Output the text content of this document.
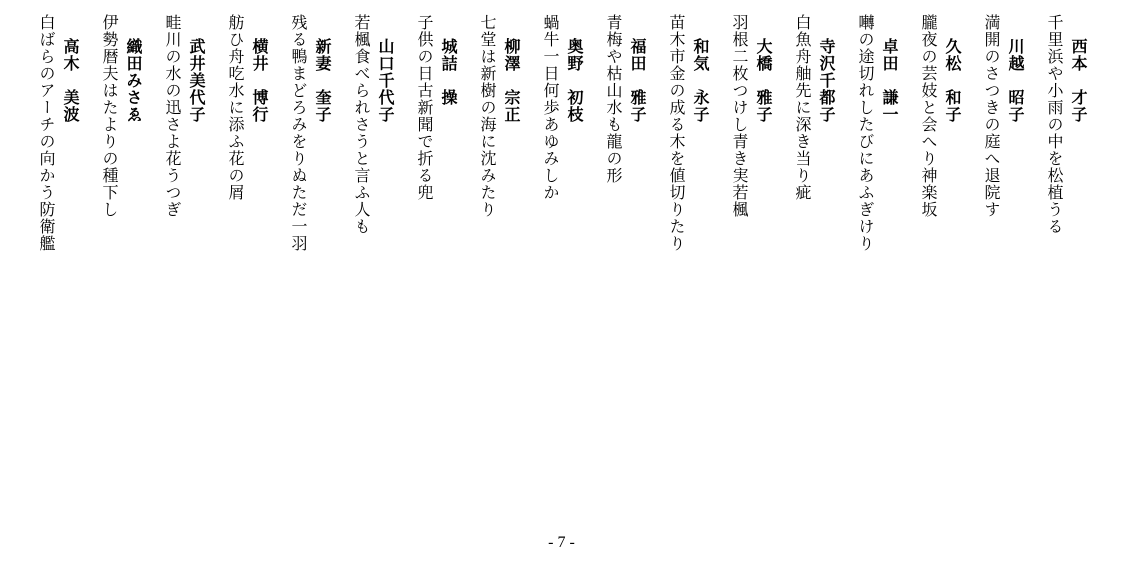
西本　才子
千里浜や小雨の中を松植うる
川越　昭子
満開のさつきの庭へ退院す
久松　和子
朧夜の芸妓と会へり神楽坂
卓田　謙一
囀の途切れしたびにあふぎけり
寺沢千都子
白魚舟舳先に深き当り疵
大橋　雅子
羽根二枚つけし青き実若楓
和気　永子
苗木市金の成る木を値切りたり
福田　雅子
青梅や枯山水も龍の形
奥野　初枝
蝸牛一日何歩あゆみしか
柳澤　宗正
七堂は新樹の海に沈みたり
城詰　操
子供の日古新聞で折る兜
山口千代子
若楓食べられさうと言ふ人も
新妻　奎子
残る鴨まどろみをりぬただ一羽
横井　博行
舫ひ舟吃水に添ふ花の屑
武井美代子
畦川の水の迅さよ花うつぎ
織田みさゑ
伊勢暦夫はたよりの種下し
高木　美波
白ばらのアーチの向かう防衛艦
- 7 -
